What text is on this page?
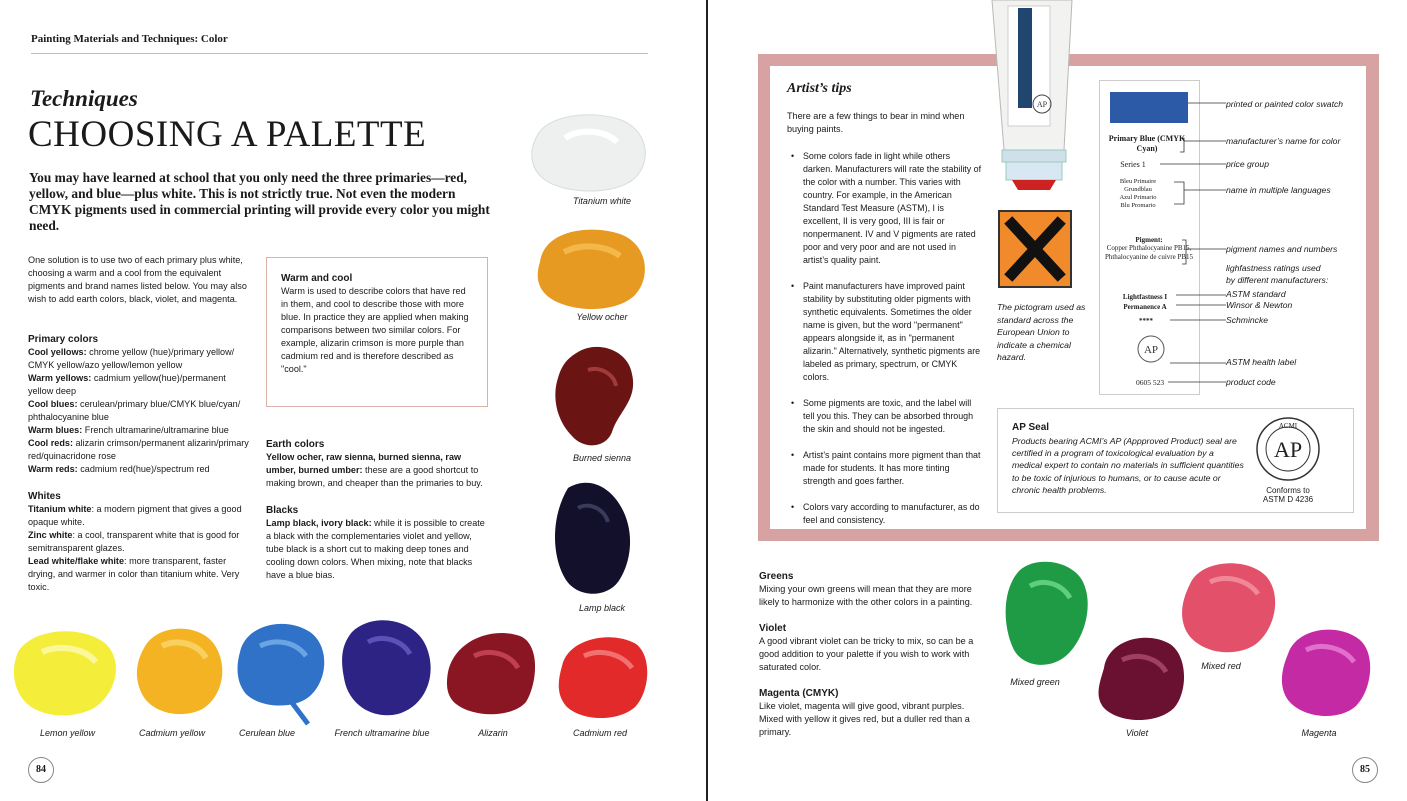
Painting Materials and Techniques: Color
Techniques
CHOOSING A PALETTE
You may have learned at school that you only need the three primaries—red, yellow, and blue—plus white. This is not strictly true. Not even the modern CMYK pigments used in commercial printing will provide every color you might need.
One solution is to use two of each primary plus white, choosing a warm and a cool from the equivalent pigments and brand names listed below. You may also wish to add earth colors, black, violet, and magenta.

Primary colors

Cool yellows: chrome yellow (hue)/primary yellow/ CMYK yellow/azo yellow/lemon yellow

Warm yellows: cadmium yellow(hue)/permanent yellow deep

Cool blues: cerulean/primary blue/CMYK blue/cyan/ phthalocyanine blue

Warm blues: French ultramarine/ultramarine blue

Cool reds: alizarin crimson/permanent alizarin/primary red/quinacridone rose

Warm reds: cadmium red(hue)/spectrum red

Whites

Titanium white: a modern pigment that gives a good opaque white.

Zinc white: a cool, transparent white that is good for semitransparent glazes.

Lead white/flake white: more transparent, faster drying, and warmer in color than titanium white. Very toxic.

Warm and cool

Warm is used to describe colors that have red in them, and cool to describe those with more blue. In practice they are applied when making comparisons between two similar colors. For example, alizarin crimson is more purple than cadmium red and is therefore described as "cool."

Earth colors

Yellow ocher, raw sienna, burned sienna, raw umber, burned umber: these are a good shortcut to making brown, and cheaper than the primaries to buy.

Blacks

Lamp black, ivory black: while it is possible to create a black with the complementaries violet and yellow, tube black is a short cut to making deep tones and cooling down colors. When mixing, note that blacks have a blue bias.

Titanium white
Yellow ocher
Burned sienna
Lamp black
Lemon yellow	Cadmium yellow	Cerulean blue	French ultramarine blue	Alizarin	Cadmium red
84
Artist’s tips
There are a few things to bear in mind when buying paints.
• Some colors fade in light while others darken. Manufacturers will rate the stability of the color with a number. This varies with country. For example, in the American Standard Test Measure (ASTM), I is excellent, II is very good, III is fair or nonpermanent. IV and V pigments are rated poor and very poor and are not used in artist’s quality paint.
• Paint manufacturers have improved paint stability by substituting older pigments with synthetic equivalents. Sometimes the older name is given, but the word "permanent" appears alongside it, as in "permanent alizarin." Alternatively, synthetic pigments are labeled as primary, spectrum, or CMYK colors.
• Some pigments are toxic, and the label will tell you this. They can be absorbed through the skin and should not be ingested.
• Artist’s paint contains more pigment than that made for students. It has more tinting strength and goes farther.
• Colors vary according to manufacturer, as do feel and consistency.
AP
The pictogram used as standard across the European Union to indicate a chemical hazard.
Primary Blue (CMYK Cyan)
Series 1
Bleu Primaire
Grundblau
Azul Primario
Blu Promario
Pigment:
Copper Phthalocyanine PB15, Phthalocyanine de cuivre PB15
Lightfastness I
Permanence A
****
AP
0605 523
printed or painted color swatch
manufacturer’s name for color
price group
name in multiple languages
pigment names and numbers
lighfastness ratings used
by different manufacturers:
ASTM standard
Winsor & Newton
Schmincke
ASTM health label
product code
AP Seal
Products bearing ACMI’s AP (Appproved Product) seal are certified in a program of toxicological evaluation by a medical expert to contain no materials in sufficient quantities to be toxic of injurious to humans, or to cause acute or chronic health problems.
AP
ACMI
Conforms to
ASTM D 4236

Greens

Mixing your own greens will mean that they are more likely to harmonize with the other colors in a painting.

Violet

A good vibrant violet can be tricky to mix, so can be a good addition to your palette if you wish to work with saturated color.

Magenta (CMYK)

Like violet, magenta will give good, vibrant purples. Mixed with yellow it gives red, but a duller red than a primary.

Mixed green
Violet
Mixed red
Magenta
85
